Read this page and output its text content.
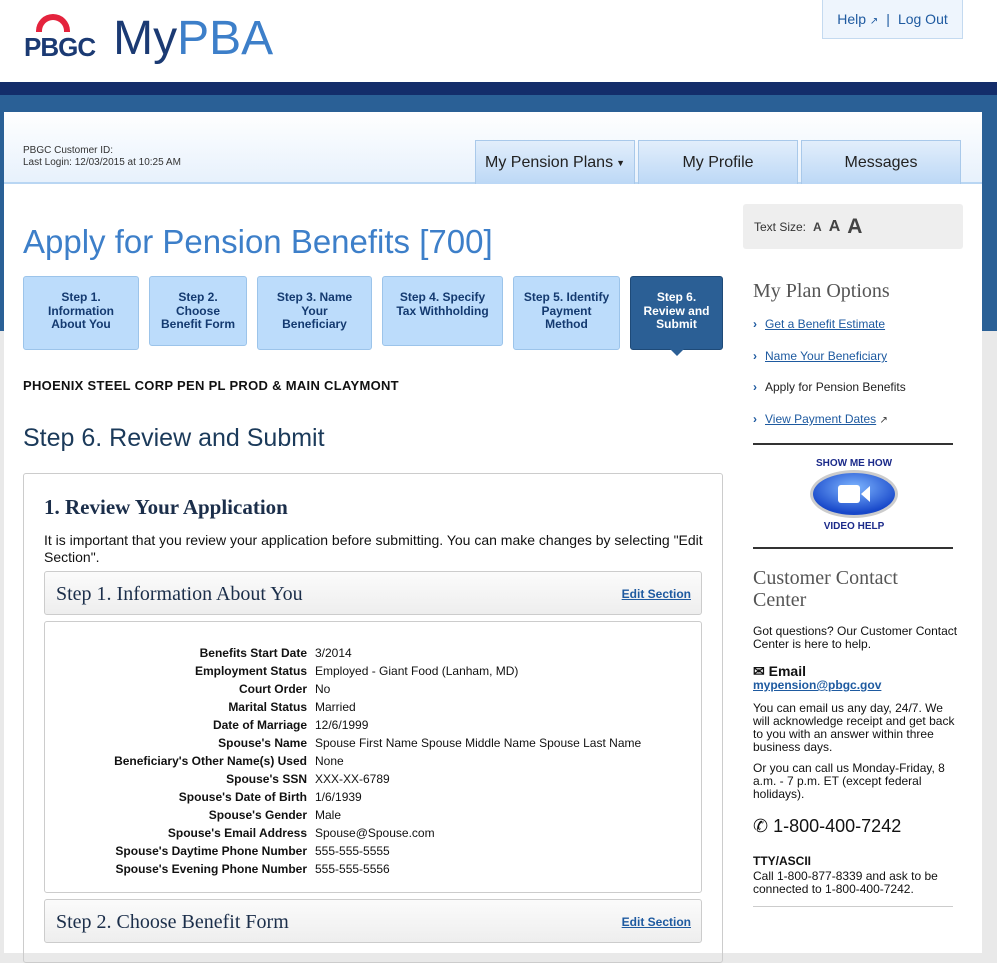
PBGC MyPBA	Help ↗ | Log Out
PBGC Customer ID:
Last Login: 12/03/2015 at 10:25 AM	My Pension Plans ▼	My Profile	Messages
Apply for Pension Benefits [700]
Step 1. Information About You
Step 2. Choose Benefit Form
Step 3. Name Your Beneficiary
Step 4. Specify Tax Withholding
Step 5. Identify Payment Method
Step 6. Review and Submit
PHOENIX STEEL CORP PEN PL PROD & MAIN CLAYMONT
Step 6. Review and Submit
1. Review Your Application
It is important that you review your application before submitting. You can make changes by selecting "Edit Section".
Step 1. Information About You	Edit Section
Benefits Start Date 3/2014
Employment Status Employed - Giant Food (Lanham, MD)
Court Order No
Marital Status Married
Date of Marriage 12/6/1999
Spouse's Name Spouse First Name Spouse Middle Name Spouse Last Name
Beneficiary's Other Name(s) Used None
Spouse's SSN XXX-XX-6789
Spouse's Date of Birth 1/6/1939
Spouse's Gender Male
Spouse's Email Address Spouse@Spouse.com
Spouse's Daytime Phone Number 555-555-5555
Spouse's Evening Phone Number 555-555-5556
Step 2. Choose Benefit Form	Edit Section
Text Size: A A A
My Plan Options
› Get a Benefit Estimate
› Name Your Beneficiary
› Apply for Pension Benefits
› View Payment Dates ↗
SHOW ME HOW
VIDEO HELP
Customer Contact Center
Got questions? Our Customer Contact Center is here to help.
✉ Email
mypension@pbgc.gov
You can email us any day, 24/7. We will acknowledge receipt and get back to you with an answer within three business days.
Or you can call us Monday-Friday, 8 a.m. - 7 p.m. ET (except federal holidays).
✆ 1-800-400-7242
TTY/ASCII
Call 1-800-877-8339 and ask to be connected to 1-800-400-7242.
